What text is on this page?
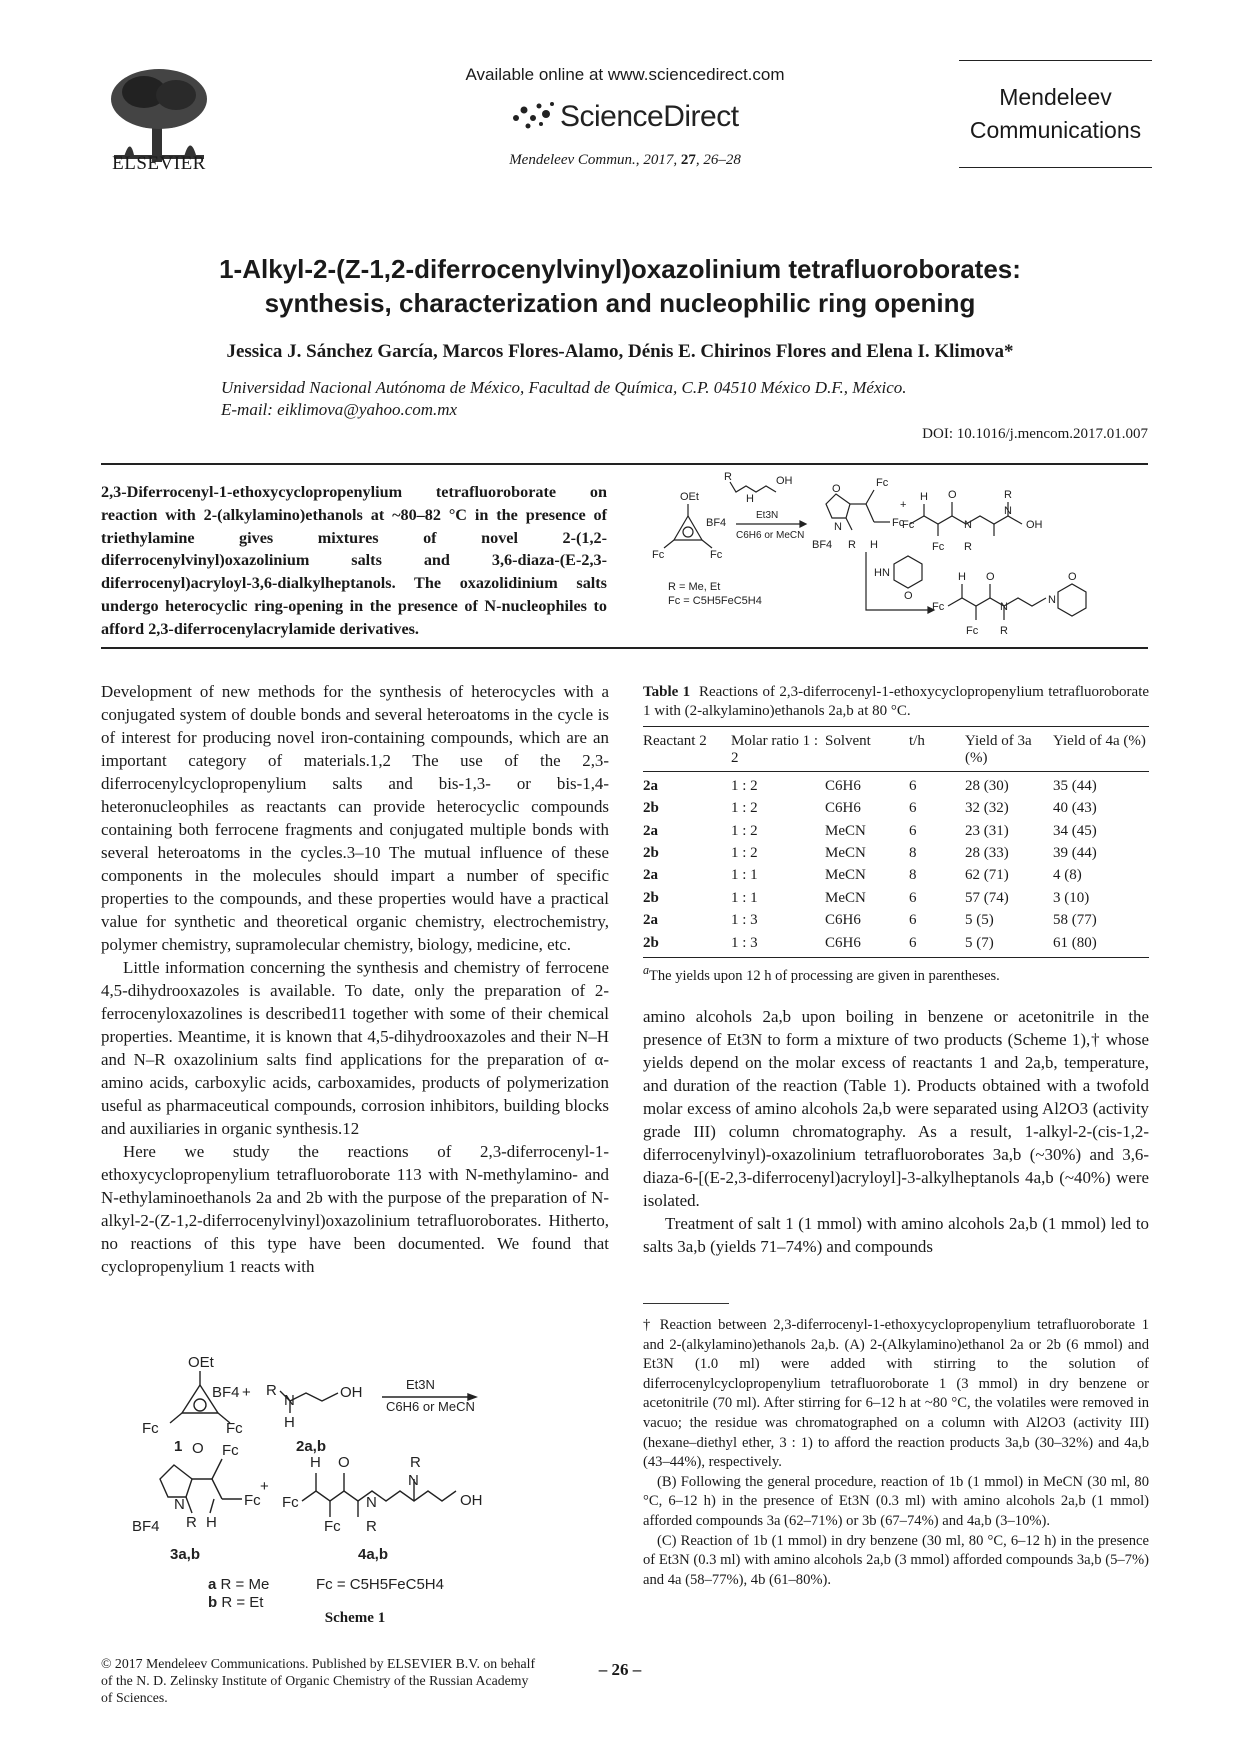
ELSEVIER
Available online at www.sciencedirect.com
ScienceDirect
Mendeleev Commun., 2017, 27, 26–28
Mendeleev
Communications
1-Alkyl-2-(Z-1,2-diferrocenylvinyl)oxazolinium tetrafluoroborates:
synthesis, characterization and nucleophilic ring opening
Jessica J. Sánchez García, Marcos Flores-Alamo, Dénis E. Chirinos Flores and Elena I. Klimova*
Universidad Nacional Autónoma de México, Facultad de Química, C.P. 04510 México D.F., México.
E-mail: eiklimova@yahoo.com.mx
DOI: 10.1016/j.mencom.2017.01.007
2,3-Diferrocenyl-1-ethoxycyclopropenylium tetrafluoroborate on reaction with 2-(alkylamino)ethanols at ~80–82 °C in the presence of triethylamine gives mixtures of novel 2-(1,2-diferrocenylvinyl)oxazolinium salts and 3,6-diaza-(E-2,3-diferrocenyl)acryloyl-3,6-dialkylheptanols. The oxazolidinium salts undergo heterocyclic ring-opening in the presence of N-nucleophiles to afford 2,3-diferrocenylacrylamide derivatives.
OEt
BF4
Fc	Fc
R
H
OH
Et3N
C6H6 or MeCN
O
N
Fc
Fc
BF4 R H
+
Fc
H O
N
Fc R
R
N
OH
R = Me, Et
Fc = C5H5FeC5H4
HN
O
H O
Fc
Fc
N
R
N
O

Development of new methods for the synthesis of heterocycles with a conjugated system of double bonds and several heteroatoms in the cycle is of interest for producing novel iron-containing compounds, which are an important category of materials.1,2 The use of the 2,3-diferrocenylcyclopropenylium salts and bis-1,3- or bis-1,4-heteronucleophiles as reactants can provide heterocyclic compounds containing both ferrocene fragments and conjugated multiple bonds with several heteroatoms in the cycles.3–10 The mutual influence of these components in the molecules should impart a number of specific properties to the compounds, and these properties would have a practical value for synthetic and theoretical organic chemistry, electrochemistry, polymer chemistry, supramolecular chemistry, biology, medicine, etc.

Little information concerning the synthesis and chemistry of ferrocene 4,5-dihydrooxazoles is available. To date, only the preparation of 2-ferrocenyloxazolines is described11 together with some of their chemical properties. Meantime, it is known that 4,5-dihydrooxazoles and their N–H and N–R oxazolinium salts find applications for the preparation of α-amino acids, carboxylic acids, carboxamides, products of polymerization useful as pharmaceutical compounds, corrosion inhibitors, building blocks and auxiliaries in organic synthesis.12

Here we study the reactions of 2,3-diferrocenyl-1-ethoxycyclopropenylium tetrafluoroborate 113 with N-methylamino- and N-ethylaminoethanols 2a and 2b with the purpose of the preparation of N-alkyl-2-(Z-1,2-diferrocenylvinyl)oxazolinium tetrafluoroborates. Hitherto, no reactions of this type have been documented. We found that cyclopropenylium 1 reacts with

OEt
BF4
Fc	Fc
+ R
N
H
OH	Et3N
C6H6 or MeCN
O
N
Fc
Fc
BF4 R H
+
Fc
H O
Fc
N
R
R
N
OH
1	2a,b
3a,b	4a,b
a R = Me
b R = Et
Fc = C5H5FeC5H4
Scheme 1
Table 1 Reactions of 2,3-diferrocenyl-1-ethoxycyclopropenylium tetrafluoroborate 1 with (2-alkylamino)ethanols 2a,b at 80 °C.
Reactant 2	Molar ratio 1 : 2	Solvent	t/h	Yield of 3a (%)	Yield of 4a (%)
2a	1 : 2	C6H6	6	28 (30)	35 (44)
2b	1 : 2	C6H6	6	32 (32)	40 (43)
2a	1 : 2	MeCN	6	23 (31)	34 (45)
2b	1 : 2	MeCN	8	28 (33)	39 (44)
2a	1 : 1	MeCN	8	62 (71)	4 (8)
2b	1 : 1	MeCN	6	57 (74)	3 (10)
2a	1 : 3	C6H6	6	5 (5)	58 (77)
2b	1 : 3	C6H6	6	5 (7)	61 (80)
$^a$The yields upon 12 h of processing are given in parentheses.

amino alcohols 2a,b upon boiling in benzene or acetonitrile in the presence of Et3N to form a mixture of two products (Scheme 1),† whose yields depend on the molar excess of reactants 1 and 2a,b, temperature, and duration of the reaction (Table 1). Products obtained with a twofold molar excess of amino alcohols 2a,b were separated using Al2O3 (activity grade III) column chromatography. As a result, 1-alkyl-2-(cis-1,2-diferrocenylvinyl)-oxazolinium tetrafluoroborates 3a,b (~30%) and 3,6-diaza-6-[(E-2,3-diferrocenyl)acryloyl]-3-alkylheptanols 4a,b (~40%) were isolated.

Treatment of salt 1 (1 mmol) with amino alcohols 2a,b (1 mmol) led to salts 3a,b (yields 71–74%) and compounds

† Reaction between 2,3-diferrocenyl-1-ethoxycyclopropenylium tetrafluoroborate 1 and 2-(alkylamino)ethanols 2a,b. (A) 2-(Alkylamino)ethanol 2a or 2b (6 mmol) and Et3N (1.0 ml) were added with stirring to the solution of diferrocenylcyclopropenylium tetrafluoroborate 1 (3 mmol) in dry benzene or acetonitrile (70 ml). After stirring for 6–12 h at ~80 °C, the volatiles were removed in vacuo; the residue was chromatographed on a column with Al2O3 (activity III) (hexane–diethyl ether, 3 : 1) to afford the reaction products 3a,b (30–32%) and 4a,b (43–44%), respectively.

(B) Following the general procedure, reaction of 1b (1 mmol) in MeCN (30 ml, 80 °C, 6–12 h) in the presence of Et3N (0.3 ml) with amino alcohols 2a,b (1 mmol) afforded compounds 3a (62–71%) or 3b (67–74%) and 4a,b (3–10%).

(C) Reaction of 1b (1 mmol) in dry benzene (30 ml, 80 °C, 6–12 h) in the presence of Et3N (0.3 ml) with amino alcohols 2a,b (3 mmol) afforded compounds 3a,b (5–7%) and 4a (58–77%), 4b (61–80%).

© 2017 Mendeleev Communications. Published by ELSEVIER B.V. on behalf of the N. D. Zelinsky Institute of Organic Chemistry of the Russian Academy of Sciences.
– 26 –
